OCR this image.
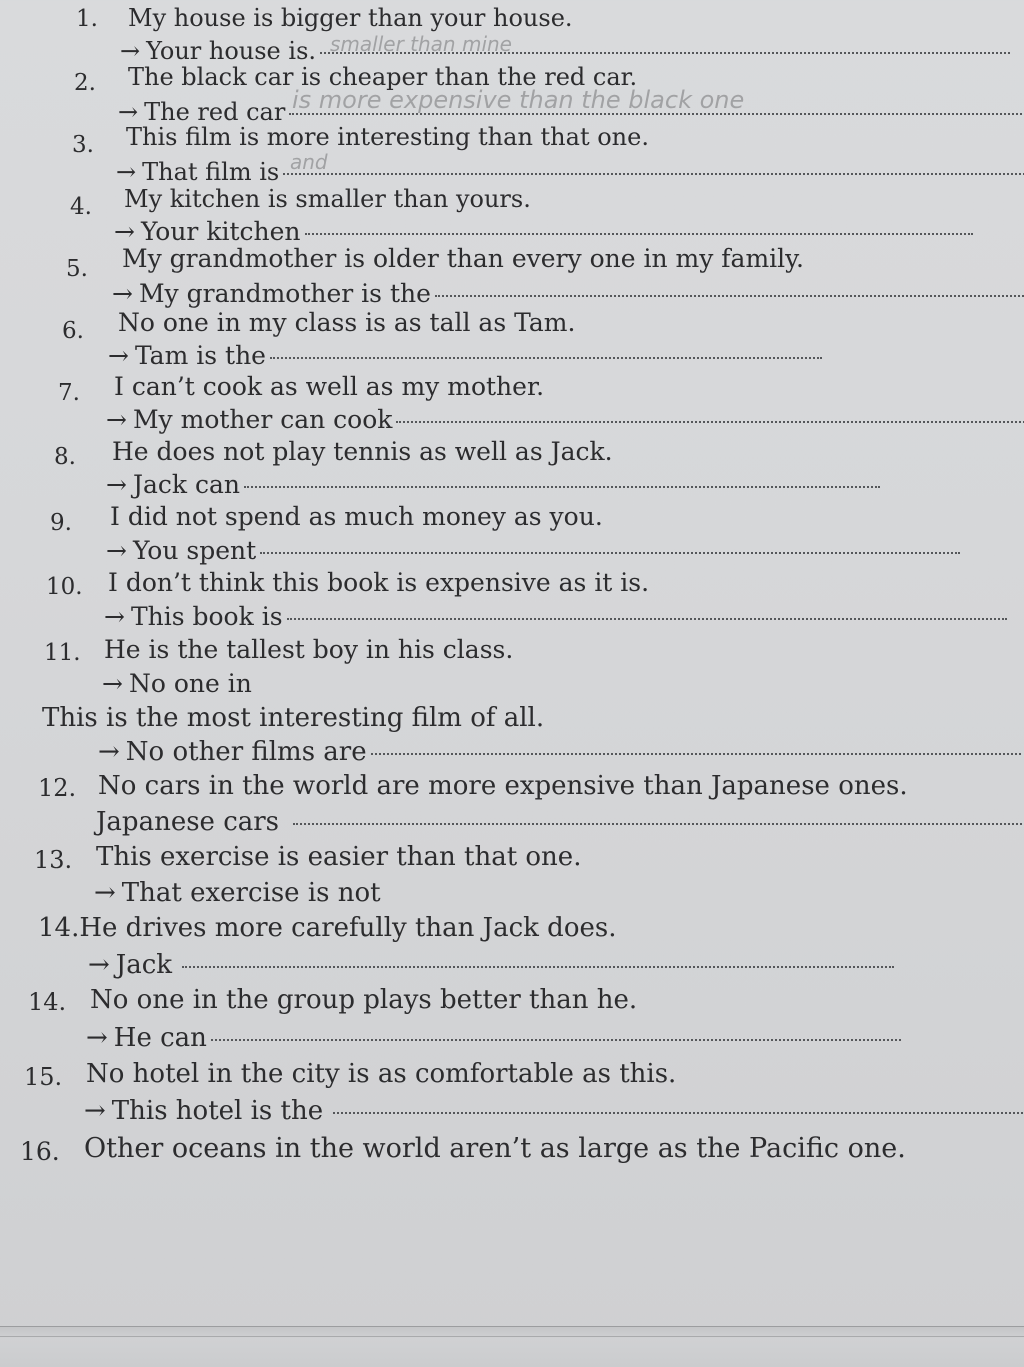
1. My house is bigger than your house.
→ Your house is. smaller than mine
2. The black car is cheaper than the red car.
→ The red car is more expensive than the black one
3. This film is more interesting than that one.
→ That film is and
4. My kitchen is smaller than yours.
→ Your kitchen
5. My grandmother is older than every one in my family.
→ My grandmother is the
6. No one in my class is as tall as Tam.
→ Tam is the
7. I can’t cook as well as my mother.
→ My mother can cook
8. He does not play tennis as well as Jack.
→ Jack can
9. I did not spend as much money as you.
→ You spent
10. I don’t think this book is expensive as it is.
→ This book is
11. He is the tallest boy in his class.
→ No one in
This is the most interesting film of all.
→ No other films are
12. No cars in the world are more expensive than Japanese ones.
Japanese cars
13. This exercise is easier than that one.
→ That exercise is not
14.He drives more carefully than Jack does.
→ Jack
14. No one in the group plays better than he.
→ He can
15. No hotel in the city is as comfortable as this.
→ This hotel is the
16. Other oceans in the world aren’t as large as the Pacific one.
